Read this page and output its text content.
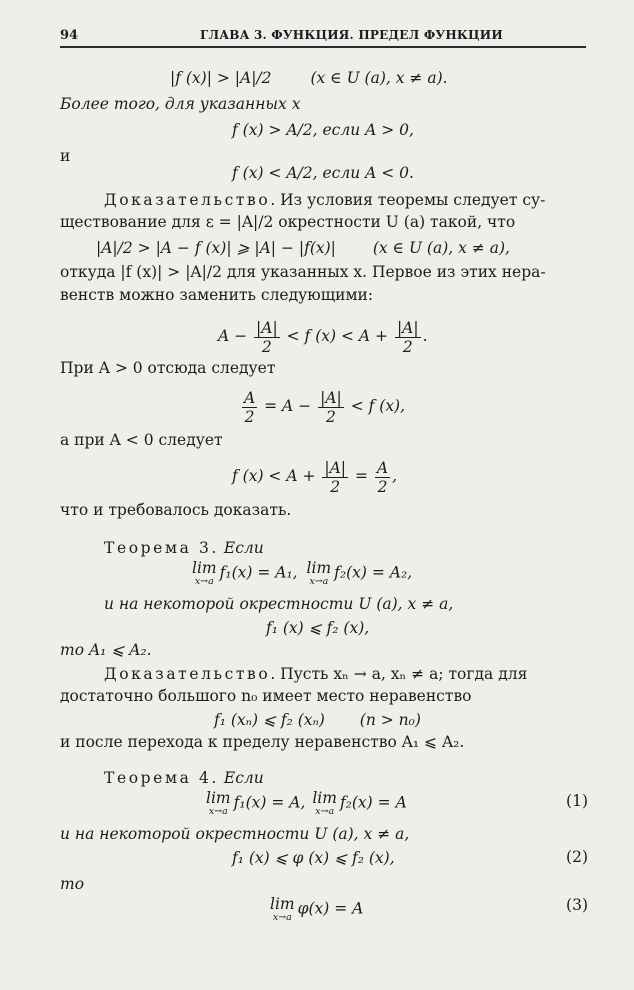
94	ГЛАВА 3. ФУНКЦИЯ. ПРЕДЕЛ ФУНКЦИИ
|f (x)| > |A|/2	(x ∈ U (a), x ≠ a).
Более того, для указанных x
f (x) > A/2, если A > 0,
и
f (x) < A/2, если A < 0.
Доказательство. Из условия теоремы следует су-
ществование для ε = |A|/2 окрестности U (a) такой, что
|A|/2 > |A − f (x)| ⩾ |A| − |f(x)| (x ∈ U (a), x ≠ a),
откуда |f (x)| > |A|/2 для указанных x. Первое из этих нера-
венств можно заменить следующими:
$A - \frac{|A|}{2} < f$ $(x) < A + \frac{|A|}{2}$ .
При A > 0 отсюда следует
$\frac{A}{2} = A - \frac{|A|}{2} < f$ (x),
а при A < 0 следует
f $(x) < A + \frac{|A|}{2} = \frac{A}{2}$ ,
что и требовалось доказать.
Теорема 3. Если
lim
x→a f₁(x) = A₁, lim
x→a f₂(x) = A₂,
и на некоторой окрестности U (a), x ≠ a,
f₁ (x) ⩽ f₂ (x),
то A₁ ⩽ A₂.
Доказательство. Пусть xₙ → a, xₙ ≠ a; тогда для
достаточно большого n₀ имеет место неравенство
f₁ (xₙ) ⩽ f₂ (xₙ) (n > n₀)
и после перехода к пределу неравенство A₁ ⩽ A₂.
Теорема 4. Если
lim
x→a f₁(x) = A, lim
x→a f₂(x) = A	(1)
и на некоторой окрестности U (a), x ≠ a,
f₁ (x) ⩽ φ (x) ⩽ f₂ (x),	(2)
то
lim
x→a φ(x) = A	(3)
